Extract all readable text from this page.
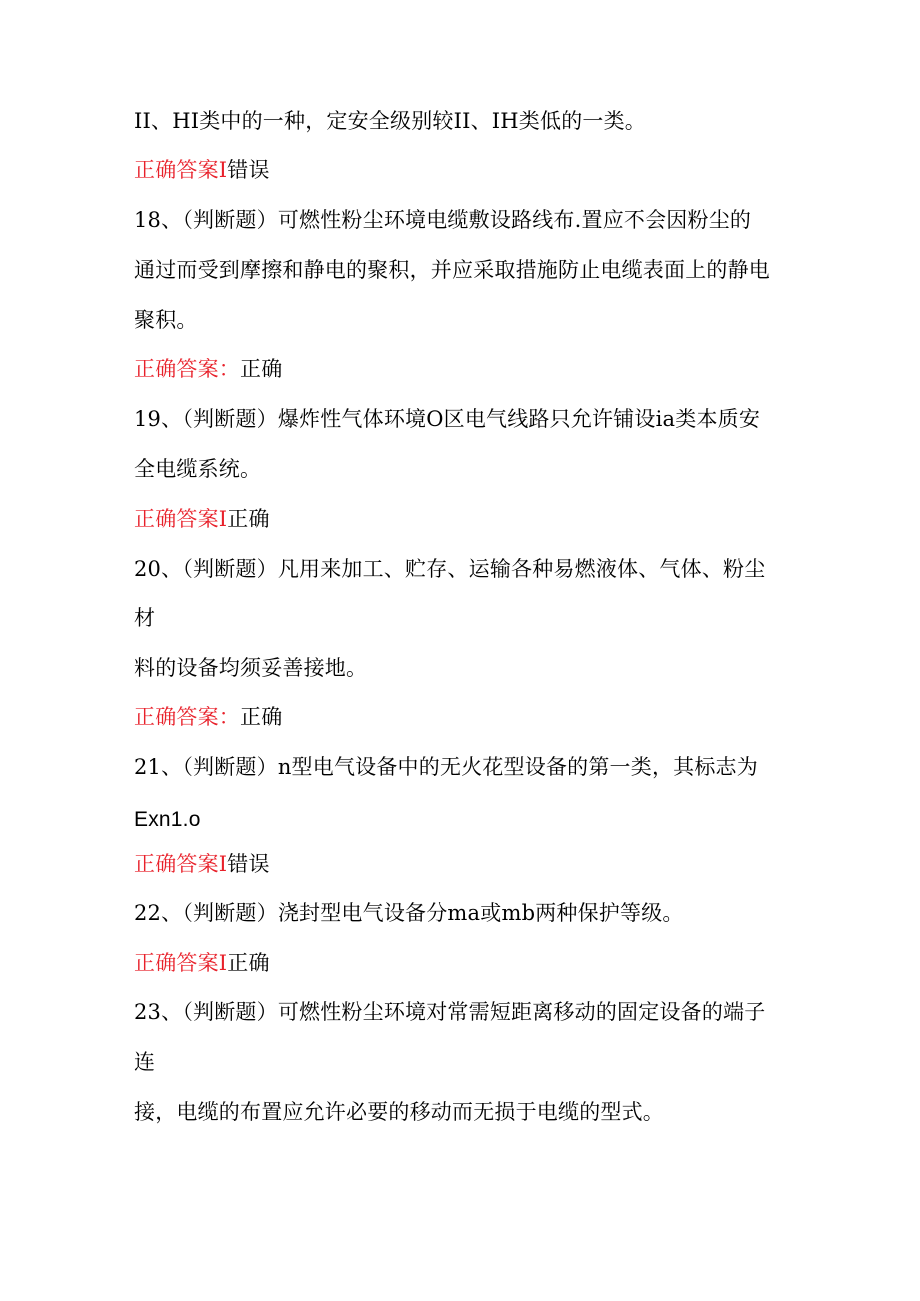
II、HI类中的一种，定安全级别较II、IH类低的一类。
正确答案I错误
18、（判断题）可燃性粉尘环境电缆敷设路线布.置应不会因粉尘的
通过而受到摩擦和静电的聚积，并应采取措施防止电缆表面上的静电
聚积。
正确答案：正确
19、（判断题）爆炸性气体环境O区电气线路只允许铺设ia类本质安
全电缆系统。
正确答案I正确
20、（判断题）凡用来加工、贮存、运输各种易燃液体、气体、粉尘
材
料的设备均须妥善接地。
正确答案：正确
21、（判断题）n型电气设备中的无火花型设备的第一类，其标志为
Exn1.o
正确答案I错误
22、（判断题）浇封型电气设备分ma或mb两种保护等级。
正确答案I正确
23、（判断题）可燃性粉尘环境对常需短距离移动的固定设备的端子
连
接，电缆的布置应允许必要的移动而无损于电缆的型式。
